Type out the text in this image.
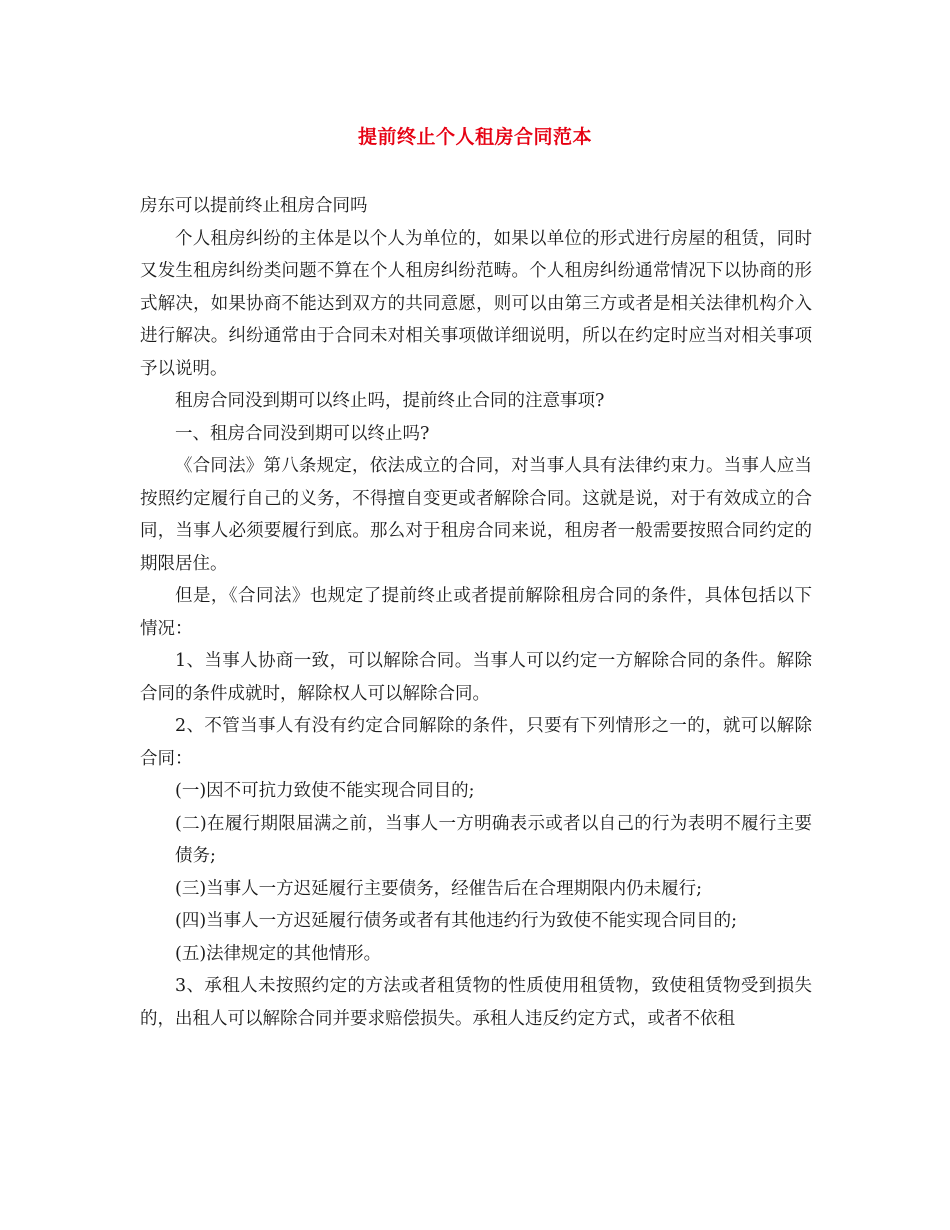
提前终止个人租房合同范本

房东可以提前终止租房合同吗

个人租房纠纷的主体是以个人为单位的，如果以单位的形式进行房屋的租赁，同时又发生租房纠纷类问题不算在个人租房纠纷范畴。个人租房纠纷通常情况下以协商的形式解决，如果协商不能达到双方的共同意愿，则可以由第三方或者是相关法律机构介入进行解决。纠纷通常由于合同未对相关事项做详细说明，所以在约定时应当对相关事项予以说明。

租房合同没到期可以终止吗，提前终止合同的注意事项?

一、租房合同没到期可以终止吗?

《合同法》第八条规定，依法成立的合同，对当事人具有法律约束力。当事人应当按照约定履行自己的义务，不得擅自变更或者解除合同。这就是说，对于有效成立的合同，当事人必须要履行到底。那么对于租房合同来说，租房者一般需要按照合同约定的期限居住。

但是，《合同法》也规定了提前终止或者提前解除租房合同的条件，具体包括以下情况：

1、当事人协商一致，可以解除合同。当事人可以约定一方解除合同的条件。解除合同的条件成就时，解除权人可以解除合同。

2、不管当事人有没有约定合同解除的条件，只要有下列情形之一的，就可以解除合同：

(一)因不可抗力致使不能实现合同目的;

(二)在履行期限届满之前，当事人一方明确表示或者以自己的行为表明不履行主要债务;

(三)当事人一方迟延履行主要债务，经催告后在合理期限内仍未履行;

(四)当事人一方迟延履行债务或者有其他违约行为致使不能实现合同目的;

(五)法律规定的其他情形。

3、承租人未按照约定的方法或者租赁物的性质使用租赁物，致使租赁物受到损失的，出租人可以解除合同并要求赔偿损失。承租人违反约定方式，或者不依租
